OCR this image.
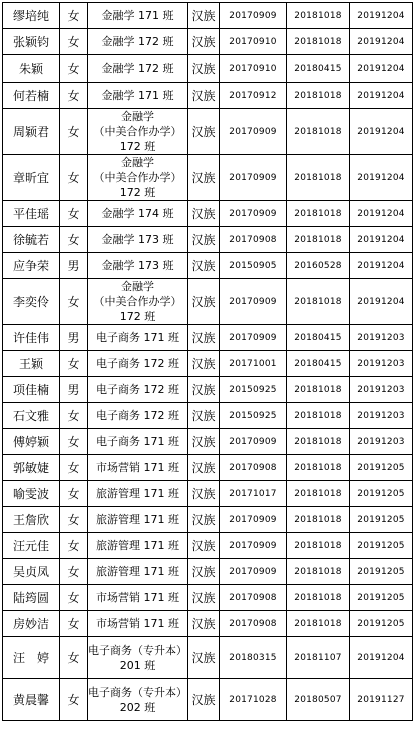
缪培纯	女	金融学 171 班	汉族	20170909	20181018	20191204
张颖钧	女	金融学 172 班	汉族	20170910	20181018	20191204
朱颖	女	金融学 172 班	汉族	20170910	20180415	20191204
何若楠	女	金融学 171 班	汉族	20170912	20181018	20191204
周颖君	女	金融学（中美合作办学）172 班	汉族	20170909	20181018	20191204
章昕宜	女	金融学（中美合作办学）172 班	汉族	20170909	20181018	20191204
平佳瑶	女	金融学 174 班	汉族	20170909	20181018	20191204
徐毓若	女	金融学 173 班	汉族	20170908	20181018	20191204
应争荣	男	金融学 173 班	汉族	20150905	20160528	20191204
李奕伶	女	金融学（中美合作办学）172 班	汉族	20170909	20181018	20191204
许佳伟	男	电子商务 171 班	汉族	20170909	20180415	20191203
王颖	女	电子商务 172 班	汉族	20171001	20180415	20191203
项佳楠	男	电子商务 172 班	汉族	20150925	20181018	20191203
石文雅	女	电子商务 172 班	汉族	20150925	20181018	20191203
傅婷颖	女	电子商务 171 班	汉族	20170909	20181018	20191203
郭敏婕	女	市场营销 171 班	汉族	20170908	20181018	20191205
喻雯波	女	旅游管理 171 班	汉族	20171017	20181018	20191205
王詹欣	女	旅游管理 171 班	汉族	20170909	20181018	20191205
汪元佳	女	旅游管理 171 班	汉族	20170909	20181018	20191205
吴贞凤	女	旅游管理 171 班	汉族	20170909	20181018	20191205
陆筠圆	女	市场营销 171 班	汉族	20170908	20181018	20191205
房妙洁	女	市场营销 171 班	汉族	20170908	20181018	20191205
汪　婷	女	电子商务（专升本）201 班	汉族	20180315	20181107	20191204
黄晨馨	女	电子商务（专升本）202 班	汉族	20171028	20180507	20191127
